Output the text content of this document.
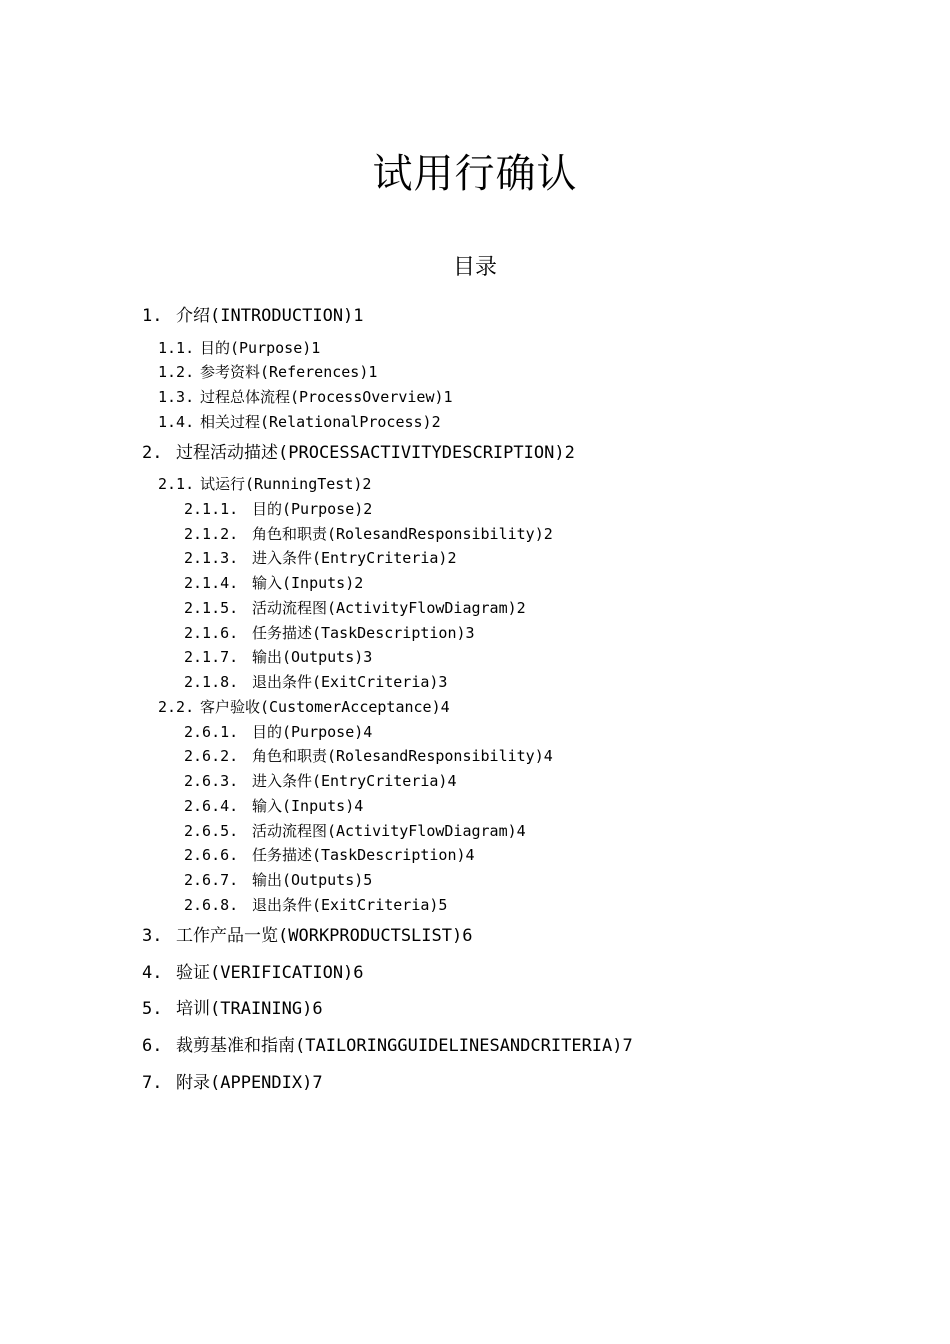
试用行确认
目录
1. 介绍(INTRODUCTION)1
1.1. 目的(Purpose)1
1.2. 参考资料(References)1
1.3. 过程总体流程(ProcessOverview)1
1.4. 相关过程(RelationalProcess)2
2. 过程活动描述(PROCESSACTIVITYDESCRIPTION)2
2.1. 试运行(RunningTest)2
2.1.1. 目的(Purpose)2
2.1.2. 角色和职责(RolesandResponsibility)2
2.1.3. 进入条件(EntryCriteria)2
2.1.4. 输入(Inputs)2
2.1.5. 活动流程图(ActivityFlowDiagram)2
2.1.6. 任务描述(TaskDescription)3
2.1.7. 输出(Outputs)3
2.1.8. 退出条件(ExitCriteria)3
2.2. 客户验收(CustomerAcceptance)4
2.6.1. 目的(Purpose)4
2.6.2. 角色和职责(RolesandResponsibility)4
2.6.3. 进入条件(EntryCriteria)4
2.6.4. 输入(Inputs)4
2.6.5. 活动流程图(ActivityFlowDiagram)4
2.6.6. 任务描述(TaskDescription)4
2.6.7. 输出(Outputs)5
2.6.8. 退出条件(ExitCriteria)5
3. 工作产品一览(WORKPRODUCTSLIST)6
4. 验证(VERIFICATION)6
5. 培训(TRAINING)6
6. 裁剪基准和指南(TAILORINGGUIDELINESANDCRITERIA)7
7. 附录(APPENDIX)7
